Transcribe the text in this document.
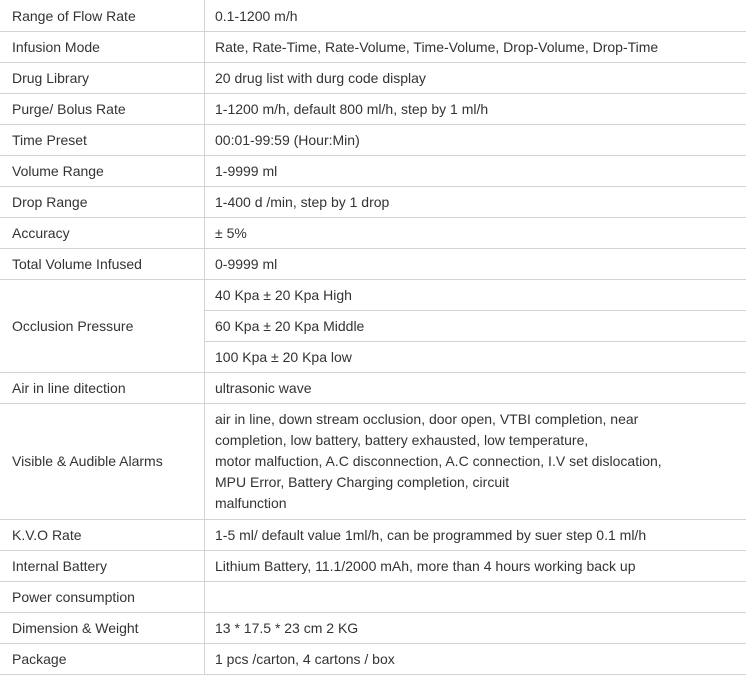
Range of Flow Rate	0.1-1200 m/h
Infusion Mode	Rate, Rate-Time, Rate-Volume, Time-Volume, Drop-Volume, Drop-Time
Drug Library	20 drug list with durg code display
Purge/ Bolus Rate	1-1200 m/h, default 800 ml/h, step by 1 ml/h
Time Preset	00:01-99:59 (Hour:Min)
Volume Range	1-9999 ml
Drop Range	1-400 d /min, step by 1 drop
Accuracy	± 5%
Total Volume Infused	0-9999 ml
Occlusion Pressure	40 Kpa ± 20 Kpa High
	60 Kpa ± 20 Kpa Middle
	100 Kpa ± 20 Kpa low
Air in line ditection	ultrasonic wave
Visible & Audible Alarms	air in line, down stream occlusion, door open, VTBI completion, near
completion, low battery, battery exhausted, low temperature,
motor malfuction, A.C disconnection, A.C connection, I.V set dislocation,
MPU Error, Battery Charging completion, circuit
malfunction

K.V.O Rate	1-5 ml/ default value 1ml/h, can be programmed by suer step 0.1 ml/h
Internal Battery	Lithium Battery, 11.1/2000 mAh, more than 4 hours working back up
Power consumption	
Dimension & Weight	13 * 17.5 * 23 cm 2 KG
Package	1 pcs /carton, 4 cartons / box
